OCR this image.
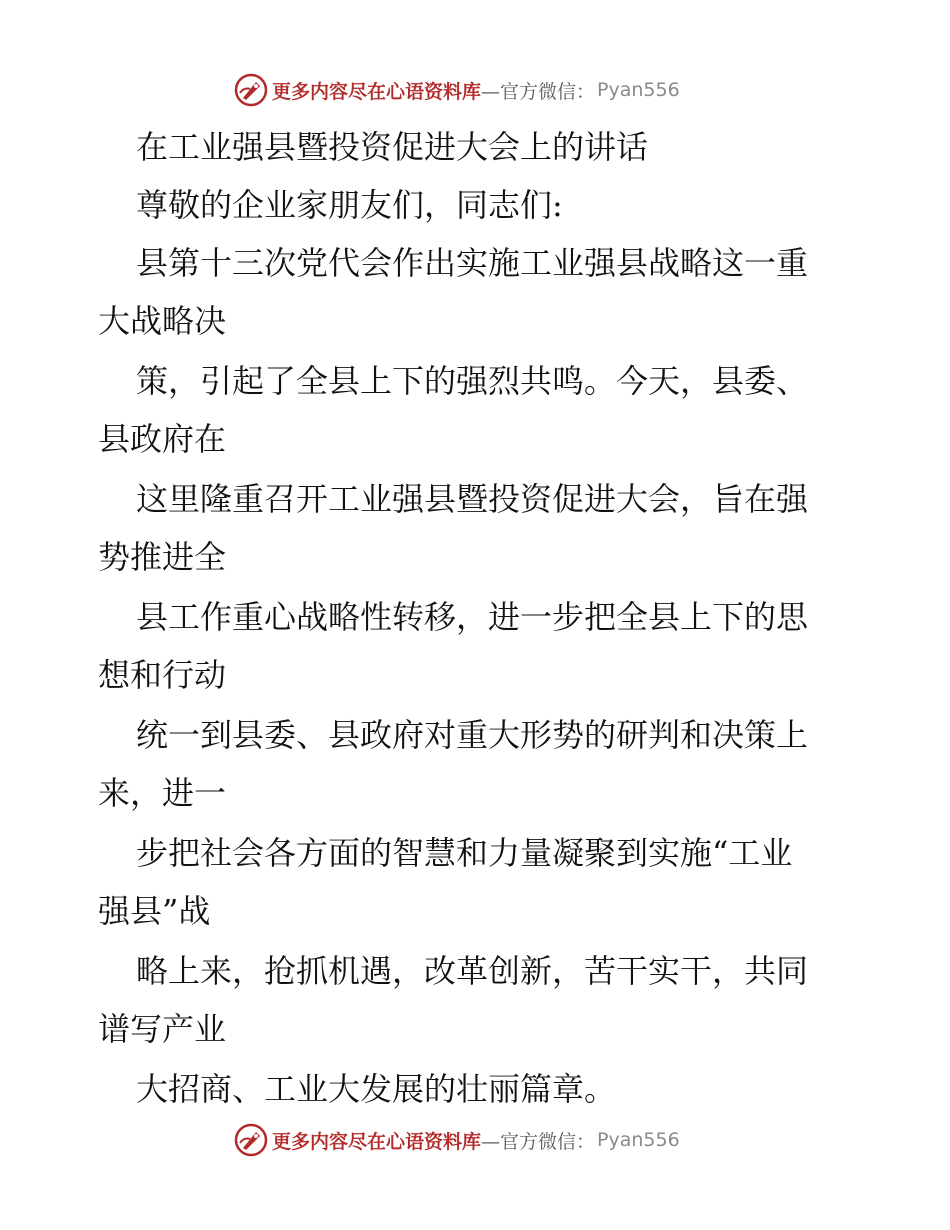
更多内容尽在心语资料库 —官方微信： Pyan556
在工业强县暨投资促进大会上的讲话
尊敬的企业家朋友们，同志们:
县第十三次党代会作出实施工业强县战略这一重
大战略决
策，引起了全县上下的强烈共鸣。今天，县委、
县政府在
这里隆重召开工业强县暨投资促进大会，旨在强
势推进全
县工作重心战略性转移，进一步把全县上下的思
想和行动
统一到县委、县政府对重大形势的研判和决策上
来，进一
步把社会各方面的智慧和力量凝聚到实施“工业
强县”战
略上来，抢抓机遇，改革创新，苦干实干，共同
谱写产业
大招商、工业大发展的壮丽篇章。
更多内容尽在心语资料库 —官方微信： Pyan556
